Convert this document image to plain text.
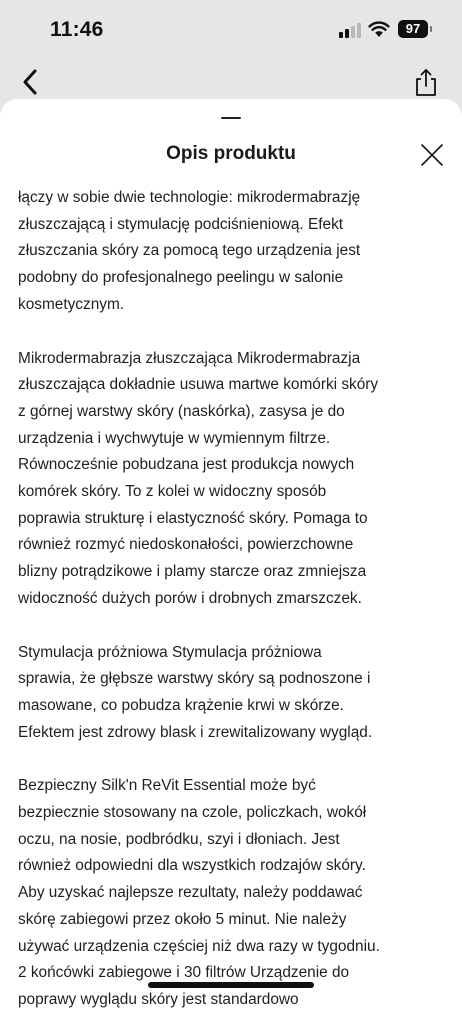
11:46	97
Opis produktu

łączy w sobie dwie technologie: mikrodermabrazję
złuszczającą i stymulację podciśnieniową. Efekt
złuszczania skóry za pomocą tego urządzenia jest
podobny do profesjonalnego peelingu w salonie
kosmetycznym.

Mikrodermabrazja złuszczająca Mikrodermabrazja
złuszczająca dokładnie usuwa martwe komórki skóry
z górnej warstwy skóry (naskórka), zasysa je do
urządzenia i wychwytuje w wymiennym filtrze.
Równocześnie pobudzana jest produkcja nowych
komórek skóry. To z kolei w widoczny sposób
poprawia strukturę i elastyczność skóry. Pomaga to
również rozmyć niedoskonałości, powierzchowne
blizny potrądzikowe i plamy starcze oraz zmniejsza
widoczność dużych porów i drobnych zmarszczek.

Stymulacja próżniowa Stymulacja próżniowa
sprawia, że głębsze warstwy skóry są podnoszone i
masowane, co pobudza krążenie krwi w skórze.
Efektem jest zdrowy blask i zrewitalizowany wygląd.

Bezpieczny Silk'n ReVit Essential może być
bezpiecznie stosowany na czole, policzkach, wokół
oczu, na nosie, podbródku, szyi i dłoniach. Jest
również odpowiedni dla wszystkich rodzajów skóry.
Aby uzyskać najlepsze rezultaty, należy poddawać
skórę zabiegowi przez około 5 minut. Nie należy
używać urządzenia częściej niż dwa razy w tygodniu.
2 końcówki zabiegowe i 30 filtrów Urządzenie do
poprawy wyglądu skóry jest standardowo
